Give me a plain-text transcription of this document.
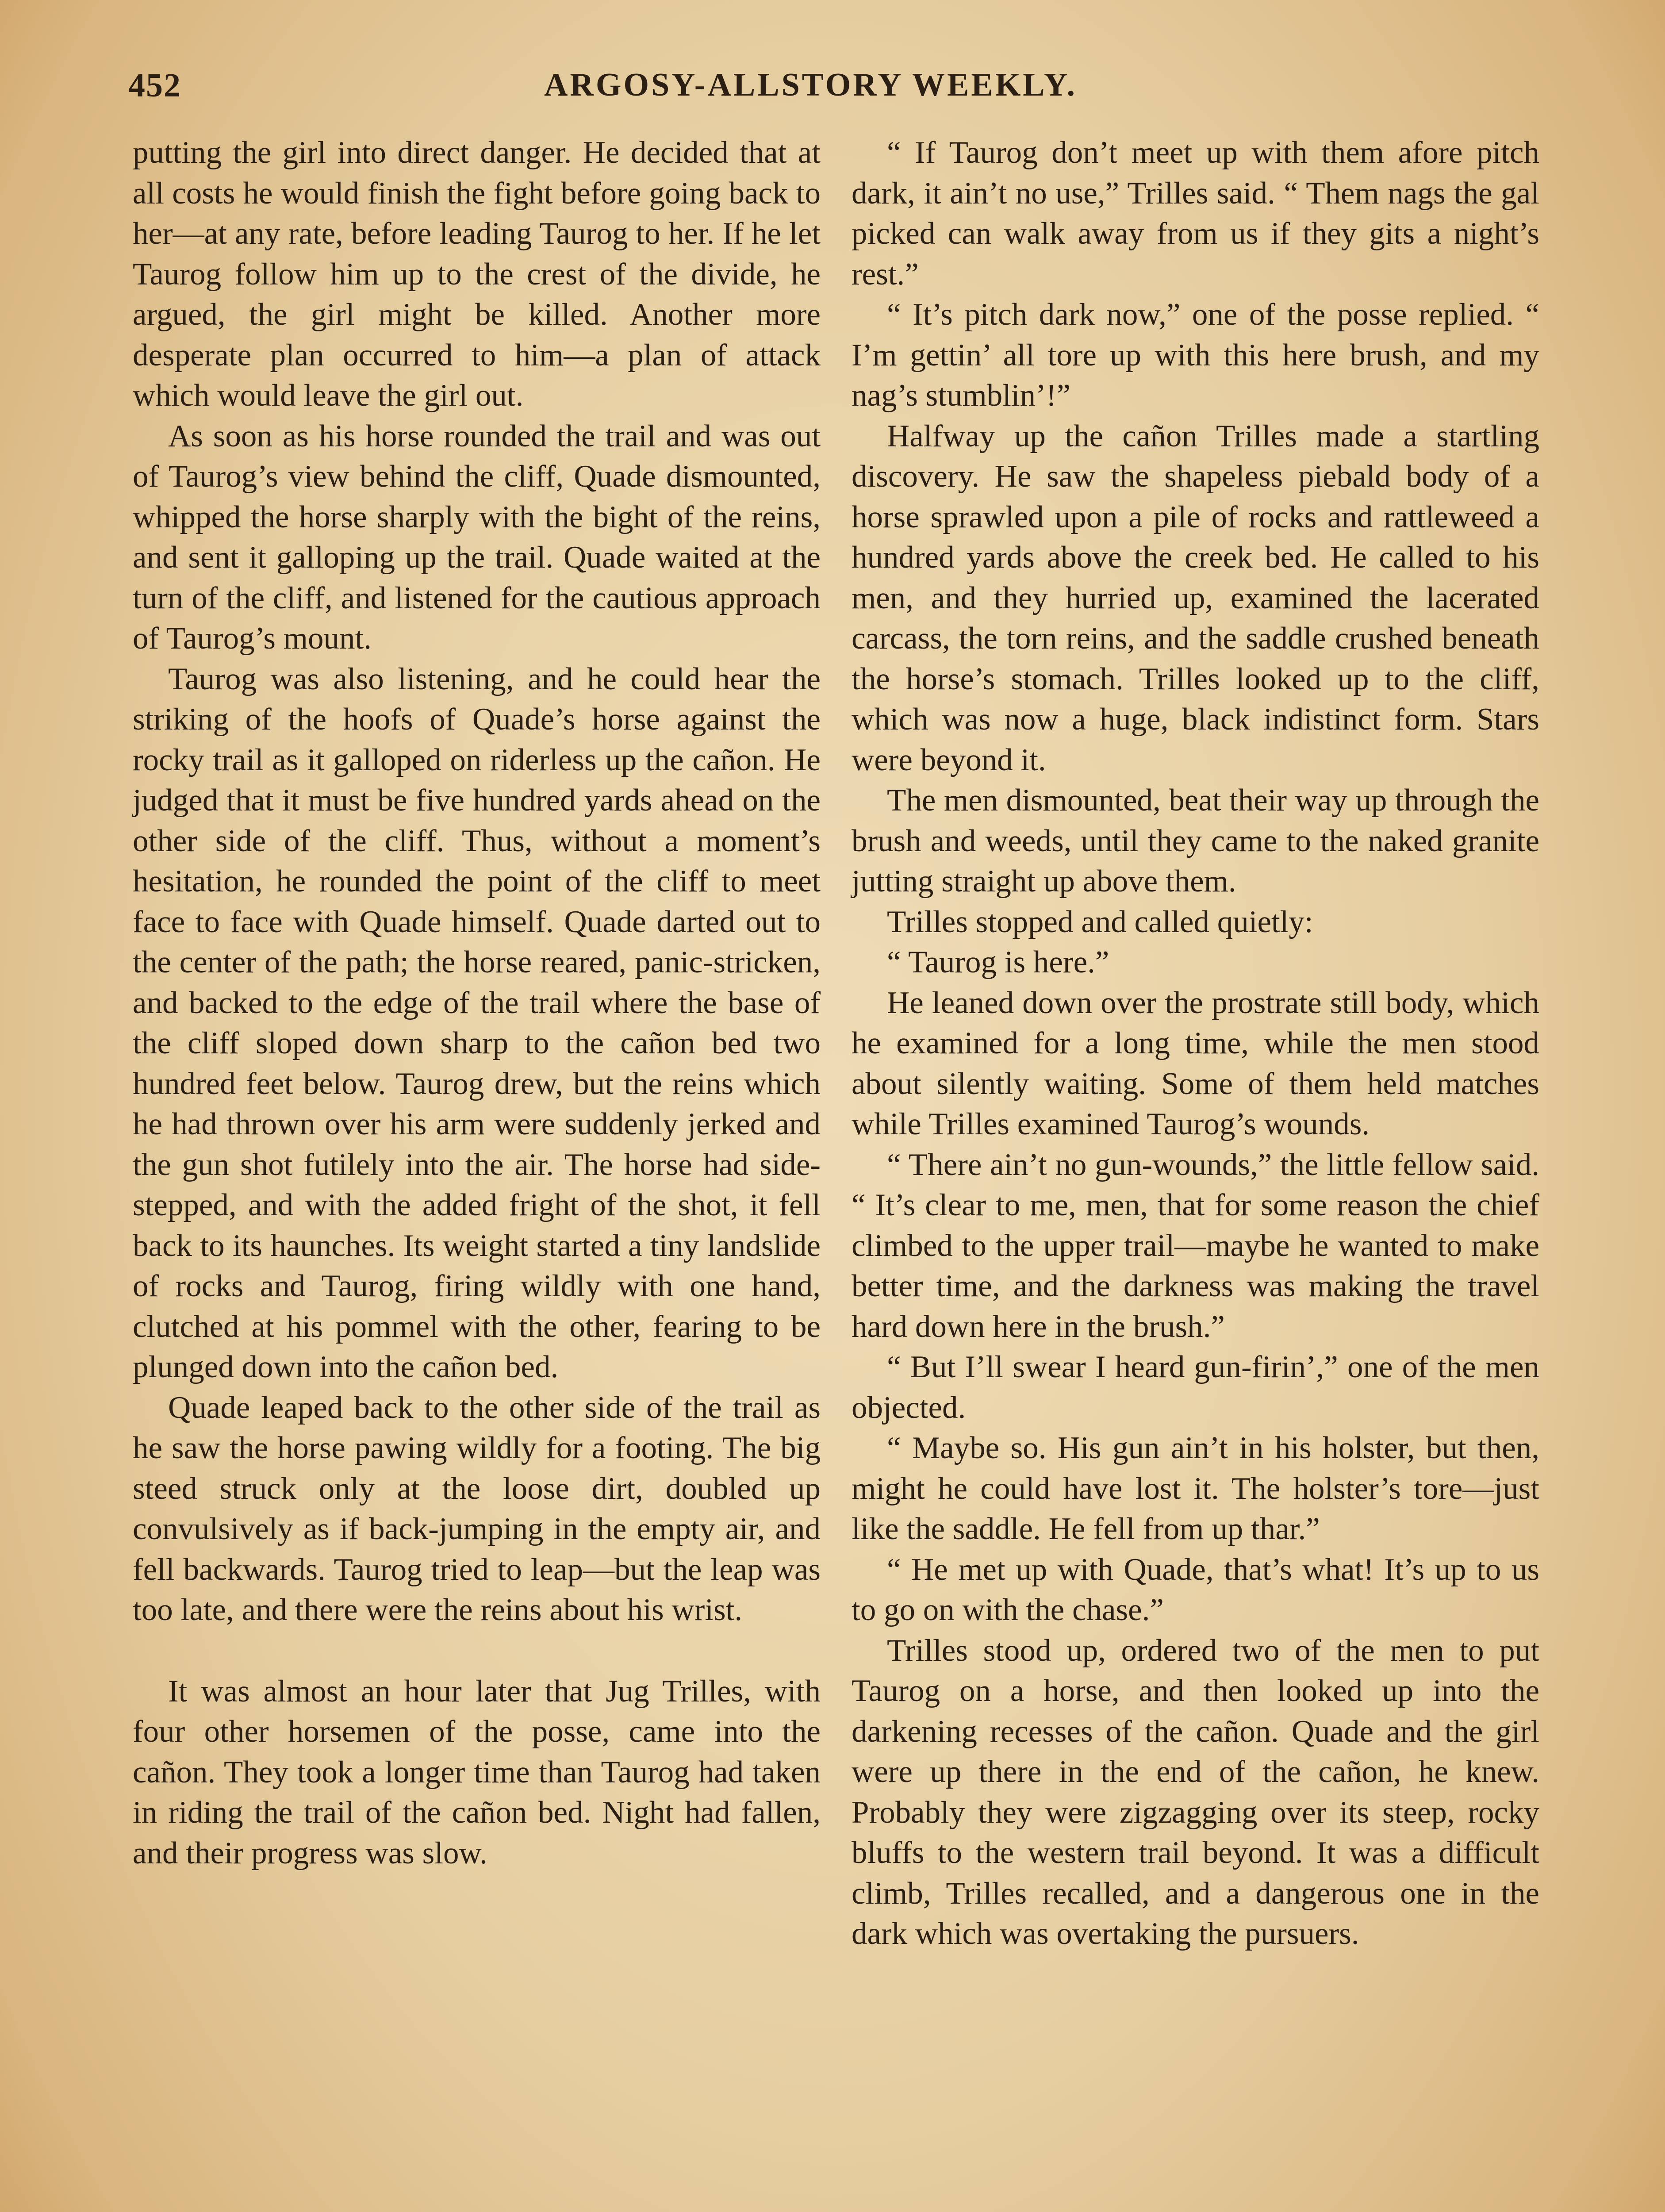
452	ARGOSY-ALLSTORY WEEKLY.

putting the girl into direct danger. He decided that at all costs he would finish the fight before going back to her—at any rate, before leading Taurog to her. If he let Taurog follow him up to the crest of the divide, he argued, the girl might be killed. Another more desperate plan occurred to him—a plan of attack which would leave the girl out.

As soon as his horse rounded the trail and was out of Taurog’s view behind the cliff, Quade dismounted, whipped the horse sharply with the bight of the reins, and sent it galloping up the trail. Quade waited at the turn of the cliff, and listened for the cautious approach of Taurog’s mount.

Taurog was also listening, and he could hear the striking of the hoofs of Quade’s horse against the rocky trail as it galloped on riderless up the cañon. He judged that it must be five hundred yards ahead on the other side of the cliff. Thus, without a moment’s hesitation, he rounded the point of the cliff to meet face to face with Quade himself. Quade darted out to the center of the path; the horse reared, panic-stricken, and backed to the edge of the trail where the base of the cliff sloped down sharp to the cañon bed two hundred feet below. Taurog drew, but the reins which he had thrown over his arm were suddenly jerked and the gun shot futilely into the air. The horse had side-stepped, and with the added fright of the shot, it fell back to its haunches. Its weight started a tiny landslide of rocks and Taurog, firing wildly with one hand, clutched at his pommel with the other, fearing to be plunged down into the cañon bed.

Quade leaped back to the other side of the trail as he saw the horse pawing wildly for a footing. The big steed struck only at the loose dirt, doubled up convulsively as if back-jumping in the empty air, and fell backwards. Taurog tried to leap—but the leap was too late, and there were the reins about his wrist.

It was almost an hour later that Jug Trilles, with four other horsemen of the posse, came into the cañon. They took a longer time than Taurog had taken in riding the trail of the cañon bed. Night had fallen, and their progress was slow.

“ If Taurog don’t meet up with them afore pitch dark, it ain’t no use,” Trilles said. “ Them nags the gal picked can walk away from us if they gits a night’s rest.”

“ It’s pitch dark now,” one of the posse replied. “ I’m gettin’ all tore up with this here brush, and my nag’s stumblin’!”

Halfway up the cañon Trilles made a startling discovery. He saw the shapeless piebald body of a horse sprawled upon a pile of rocks and rattleweed a hundred yards above the creek bed. He called to his men, and they hurried up, examined the lacerated carcass, the torn reins, and the saddle crushed beneath the horse’s stomach. Trilles looked up to the cliff, which was now a huge, black indistinct form. Stars were beyond it.

The men dismounted, beat their way up through the brush and weeds, until they came to the naked granite jutting straight up above them.

Trilles stopped and called quietly:

“ Taurog is here.”

He leaned down over the prostrate still body, which he examined for a long time, while the men stood about silently waiting. Some of them held matches while Trilles examined Taurog’s wounds.

“ There ain’t no gun-wounds,” the little fellow said. “ It’s clear to me, men, that for some reason the chief climbed to the upper trail—maybe he wanted to make better time, and the darkness was making the travel hard down here in the brush.”

“ But I’ll swear I heard gun-firin’,” one of the men objected.

“ Maybe so. His gun ain’t in his holster, but then, might he could have lost it. The holster’s tore—just like the saddle. He fell from up thar.”

“ He met up with Quade, that’s what! It’s up to us to go on with the chase.”

Trilles stood up, ordered two of the men to put Taurog on a horse, and then looked up into the darkening recesses of the cañon. Quade and the girl were up there in the end of the cañon, he knew. Probably they were zigzagging over its steep, rocky bluffs to the western trail beyond. It was a difficult climb, Trilles recalled, and a dangerous one in the dark which was overtaking the pursuers.
